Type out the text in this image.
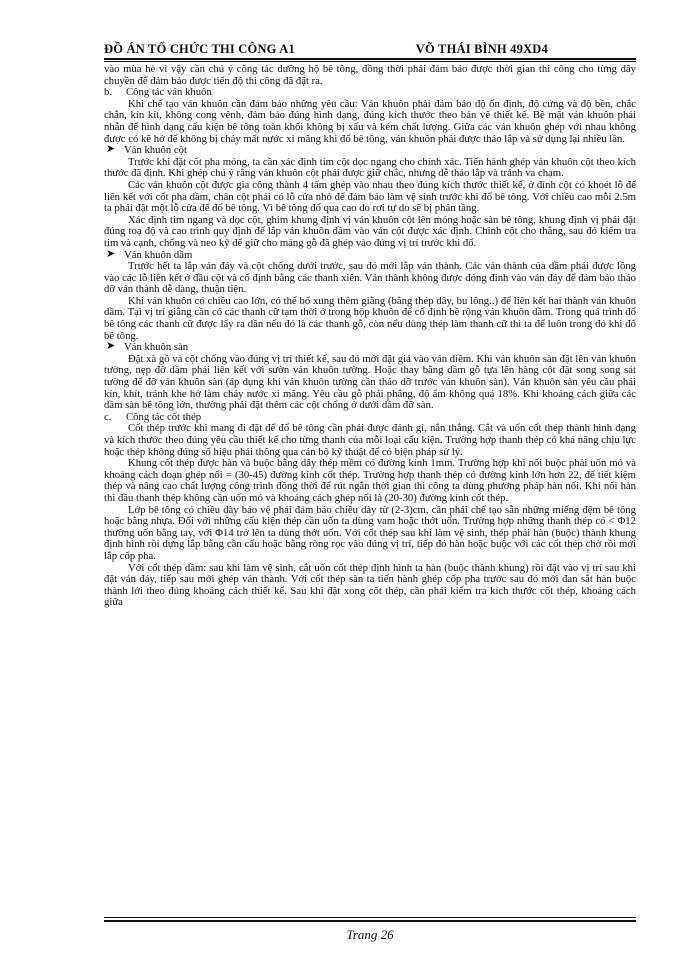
ĐỒ ÁN TỔ CHỨC THI CÔNG A1	VÕ THÁI BÌNH 49XD4

vào mùa hè vì vậy cần chú ý công tác dưỡng hộ bê tông, đồng thời phải đảm bảo được thời gian thi công cho từng dây chuyền để đảm bảo được tiến độ thi công đã đặt ra.

b. Công tác ván khuôn

Khi chế tạo ván khuôn cần đảm bảo những yêu cầu: Ván khuôn phải đảm bảo độ ổn định, độ cứng và độ bền, chắc chắn, kín kít, không cong vênh, đảm bảo đúng hình dạng, đúng kích thước theo bản vẽ thiết kế. Bề mặt ván khuôn phải nhẵn để hình dạng cấu kiện bê tông toàn khối không bị xấu và kém chất lượng. Giữa các ván khuôn ghép với nhau không được có kẽ hở để không bị chảy mất nước xi măng khi đổ bê tông, ván khuôn phải được tháo lắp và sử dụng lại nhiều lần.

➤ Ván khuôn cột

Trước khi đặt cốt pha móng, ta cần xác định tim cột dọc ngang cho chính xác. Tiến hành ghép ván khuôn cột theo kích thước đã định. Khi ghép chú ý rằng ván khuôn cột phải được giữ chắc, nhưng dễ tháo lắp và tránh va chạm.

Các ván khuôn cột được gia công thành 4 tấm ghép vào nhau theo đúng kích thước thiết kế, ở đỉnh cột có khoét lỗ để liên kết với cốt pha dầm, chân cột phải có lỗ cửa nhỏ để đảm bảo làm vệ sinh trước khi đổ bê tông. Với chiều cao mỗi 2.5m ta phải đặt một lỗ cửa để đổ bê tông. Vì bê tông đổ qua cao do rơi tự do sẽ bị phân tầng.

Xác định tim ngang và dọc cột, ghim khung định vị ván khuôn cột lên móng hoặc sàn bê tông, khung định vị phải đặt đúng toạ độ và cao trình quy định để lắp ván khuôn dầm vào ván cột được xác định. Chỉnh cột cho thẳng, sau đó kiểm tra tim và cạnh, chống và neo kỹ để giữ cho mảng gỗ đã ghép vào đúng vị trí trước khi đổ.

➤ Ván khuôn dầm

Trước hết ta lắp ván đáy và cột chống dưới trước, sau đó mới lắp ván thành. Các ván thành của dầm phải được lồng vào các lỗ liên kết ở đầu cột và cố định bằng các thanh xiên. Ván thành không được đóng đinh vào ván đáy để đảm bảo tháo dỡ ván thành dễ dàng, thuận tiện.

Khi ván khuôn có chiều cao lớn, có thể bổ xung thêm giằng (bằng thép dây, bu lông..) để liên kết hai thành ván khuôn dầm. Tại vị trí giằng cần có các thanh cữ tạm thời ở trong hộp khuôn để cố định bề rộng ván khuôn dầm. Trong quá trình đổ bê tông các thanh cữ được lấy ra dần nếu đó là các thanh gỗ, còn nếu dùng thép làm thanh cữ thì ta để luôn trong đó khi đổ bê tông.

➤ Ván khuôn sàn

Đặt xà gồ và cột chống vào đúng vị trí thiết kế, sau đó mới đặt giá vào ván diềm. Khi ván khuôn sàn đặt lên ván khuôn tường, nẹp đỡ dầm phải liên kết với sườn ván khuôn tường. Hoặc thay bằng dầm gỗ tựa lên hàng cột đặt song song sát tường để đỡ ván khuôn sàn (áp dụng khi ván khuôn tường cần tháo dỡ trước ván khuôn sàn). Ván khuôn sàn yêu cầu phải kín, khít, tránh khe hở làm chảy nước xi măng. Yêu cầu gỗ phải phẳng, độ ẩm không quá 18%. Khi khoảng cách giữa các dầm sàn bê tông lớn, thường phải đặt thêm các cột chống ở dưới dầm đỡ sàn.

c. Công tác cốt thép

Cốt thép trước khi mang đi đặt để đổ bê tông cần phải được đánh gỉ, nắn thẳng. Cắt và uốn cốt thép thành hình dạng và kích thước theo đúng yêu cầu thiết kế cho từng thanh của mỗi loại cấu kiện. Trường hợp thanh thép có khả năng chịu lực hoặc thép không đúng số hiệu phải thông qua cán bộ kỹ thuật để có biện pháp sử lý.

Khung cốt thép được hàn và buộc bằng dây thép mềm có đường kính 1mm. Trường hợp khi nối buộc phải uốn mỏ và khoảng cách đoạn ghép nối = (30-45) đường kính cốt thép. Trường hợp thanh thép có đường kính lớn hơn 22, để tiết kiệm thép và nâng cao chất lượng công trình đồng thời để rút ngắn thời gian thi công ta dùng phương pháp hàn nối. Khi nối hàn thì đầu thanh thép không cần uốn mỏ và khoảng cách ghép nối là (20-30) đường kính cốt thép.

Lớp bê tông có chiều dày bảo vệ phải đảm bảo chiều dày từ (2-3)cm, cần phải chế tạo sẵn những miếng đệm bê tông hoặc bằng nhựa. Đối với những cấu kiện thép cần uốn ta dùng vam hoặc thớt uốn. Trường hợp những thanh thép có < Φ12 thường uốn bằng tay, với Φ14 trở lên ta dùng thớt uốn. Với cốt thép sau khi làm vệ sinh, thép phải hàn (buộc) thành khung định hình rồi dựng lắp bằng cần cẩu hoặc bằng ròng rọc vào đúng vị trí, tiếp đó hàn hoặc buộc với các cốt thép chờ rồi mới lắp cốp pha.

Với cốt thép dầm: sau khi làm vệ sinh, cắt uốn cốt thép định hình ta hàn (buộc thành khung) rồi đặt vào vị trí sau khi đặt ván đáy, tiếp sau mới ghép ván thành. Với cốt thép sàn ta tiến hành ghép cốp pha trước sau đó mới đan sắt hàn buộc thành lới theo đúng khoảng cách thiết kế. Sau khi đặt xong cốt thép, cần phải kiểm tra kích thước cốt thép, khoảng cách giữa

Trang 26
